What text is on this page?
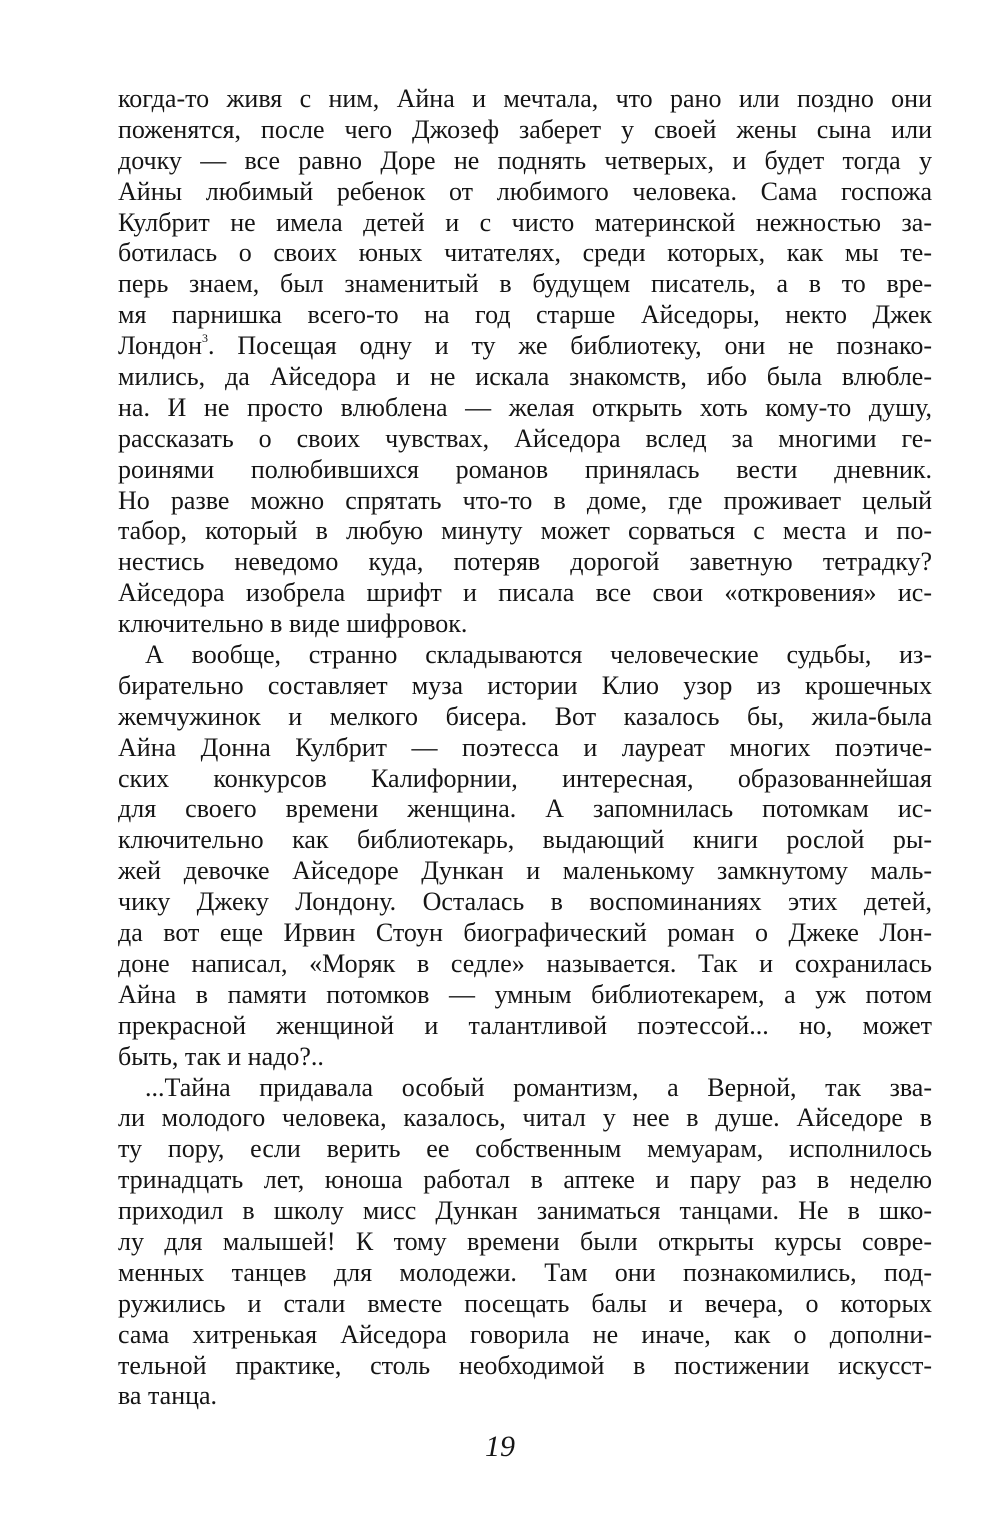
когда-то живя с ним, Айна и мечтала, что рано или поздно они
поженятся, после чего Джозеф заберет у своей жены сына или
дочку — все равно Доре не поднять четверых, и будет тогда у
Айны любимый ребенок от любимого человека. Сама госпожа
Кулбрит не имела детей и с чисто материнской нежностью за-
ботилась о своих юных читателях, среди которых, как мы те-
перь знаем, был знаменитый в будущем писатель, а в то вре-
мя парнишка всего-то на год старше Айседоры, некто Джек
Лондон$^3$. Посещая одну и ту же библиотеку, они не познако-
мились, да Айседора и не искала знакомств, ибо была влюбле-
на. И не просто влюблена — желая открыть хоть кому-то душу,
рассказать о своих чувствах, Айседора вслед за многими ге-
роинями полюбившихся романов принялась вести дневник.
Но разве можно спрятать что-то в доме, где проживает целый
табор, который в любую минуту может сорваться с места и по-
нестись неведомо куда, потеряв дорогой заветную тетрадку?
Айседора изобрела шрифт и писала все свои «откровения» ис-
ключительно в виде шифровок.
А вообще, странно складываются человеческие судьбы, из-
бирательно составляет муза истории Клио узор из крошечных
жемчужинок и мелкого бисера. Вот казалось бы, жила-была
Айна Донна Кулбрит — поэтесса и лауреат многих поэтиче-
ских конкурсов Калифорнии, интересная, образованнейшая
для своего времени женщина. А запомнилась потомкам ис-
ключительно как библиотекарь, выдающий книги рослой ры-
жей девочке Айседоре Дункан и маленькому замкнутому маль-
чику Джеку Лондону. Осталась в воспоминаниях этих детей,
да вот еще Ирвин Стоун биографический роман о Джеке Лон-
доне написал, «Моряк в седле» называется. Так и сохранилась
Айна в памяти потомков — умным библиотекарем, а уж потом
прекрасной женщиной и талантливой поэтессой... но, может
быть, так и надо?..
...Тайна придавала особый романтизм, а Верной, так зва-
ли молодого человека, казалось, читал у нее в душе. Айседоре в
ту пору, если верить ее собственным мемуарам, исполнилось
тринадцать лет, юноша работал в аптеке и пару раз в неделю
приходил в школу мисс Дункан заниматься танцами. Не в шко-
лу для малышей! К тому времени были открыты курсы совре-
менных танцев для молодежи. Там они познакомились, под-
ружились и стали вместе посещать балы и вечера, о которых
сама хитренькая Айседора говорила не иначе, как о дополни-
тельной практике, столь необходимой в постижении искусст-
ва танца.
19
